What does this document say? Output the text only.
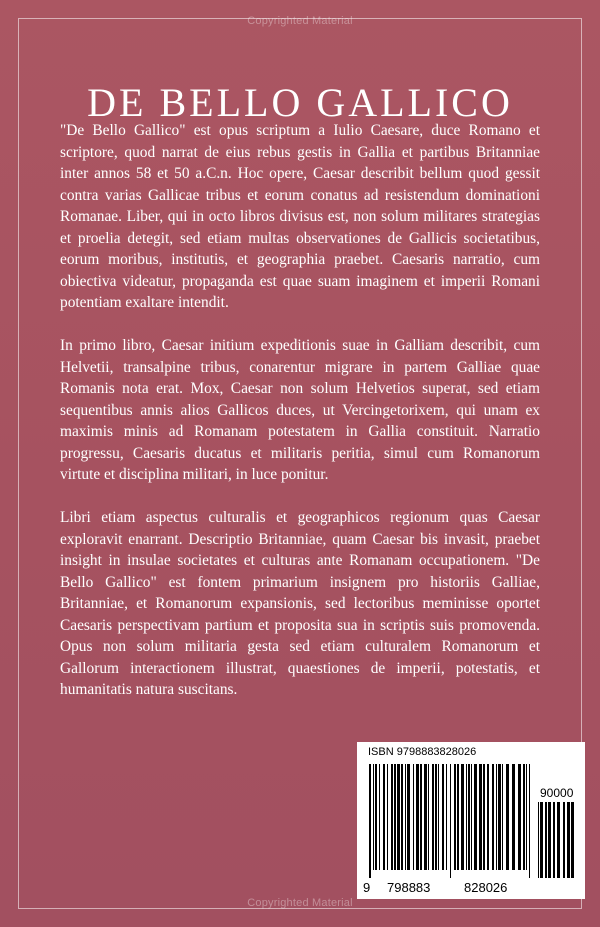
Copyrighted Material
DE BELLO GALLICO

"De Bello Gallico" est opus scriptum a Iulio Caesare, duce Romano et scriptore, quod narrat de eius rebus gestis in Gallia et partibus Britanniae inter annos 58 et 50 a.C.n. Hoc opere, Caesar describit bellum quod gessit contra varias Gallicae tribus et eorum conatus ad resistendum dominationi Romanae. Liber, qui in octo libros divisus est, non solum militares strategias et proelia detegit, sed etiam multas observationes de Gallicis societatibus, eorum moribus, institutis, et geographia praebet. Caesaris narratio, cum obiectiva videatur, propaganda est quae suam imaginem et imperii Romani potentiam exaltare intendit.

In primo libro, Caesar initium expeditionis suae in Galliam describit, cum Helvetii, transalpine tribus, conarentur migrare in partem Galliae quae Romanis nota erat. Mox, Caesar non solum Helvetios superat, sed etiam sequentibus annis alios Gallicos duces, ut Vercingetorixem, qui unam ex maximis minis ad Romanam potestatem in Gallia constituit. Narratio progressu, Caesaris ducatus et militaris peritia, simul cum Romanorum virtute et disciplina militari, in luce ponitur.

Libri etiam aspectus culturalis et geographicos regionum quas Caesar exploravit enarrant. Descriptio Britanniae, quam Caesar bis invasit, praebet insight in insulae societates et culturas ante Romanam occupationem. "De Bello Gallico" est fontem primarium insignem pro historiis Galliae, Britanniae, et Romanorum expansionis, sed lectoribus meminisse oportet Caesaris perspectivam partium et proposita sua in scriptis suis promovenda. Opus non solum militaria gesta sed etiam culturalem Romanorum et Gallorum interactionem illustrat, quaestiones de imperii, potestatis, et humanitatis natura suscitans.

ISBN 9798883828026
90000
9 798883	828026
Copyrighted Material
